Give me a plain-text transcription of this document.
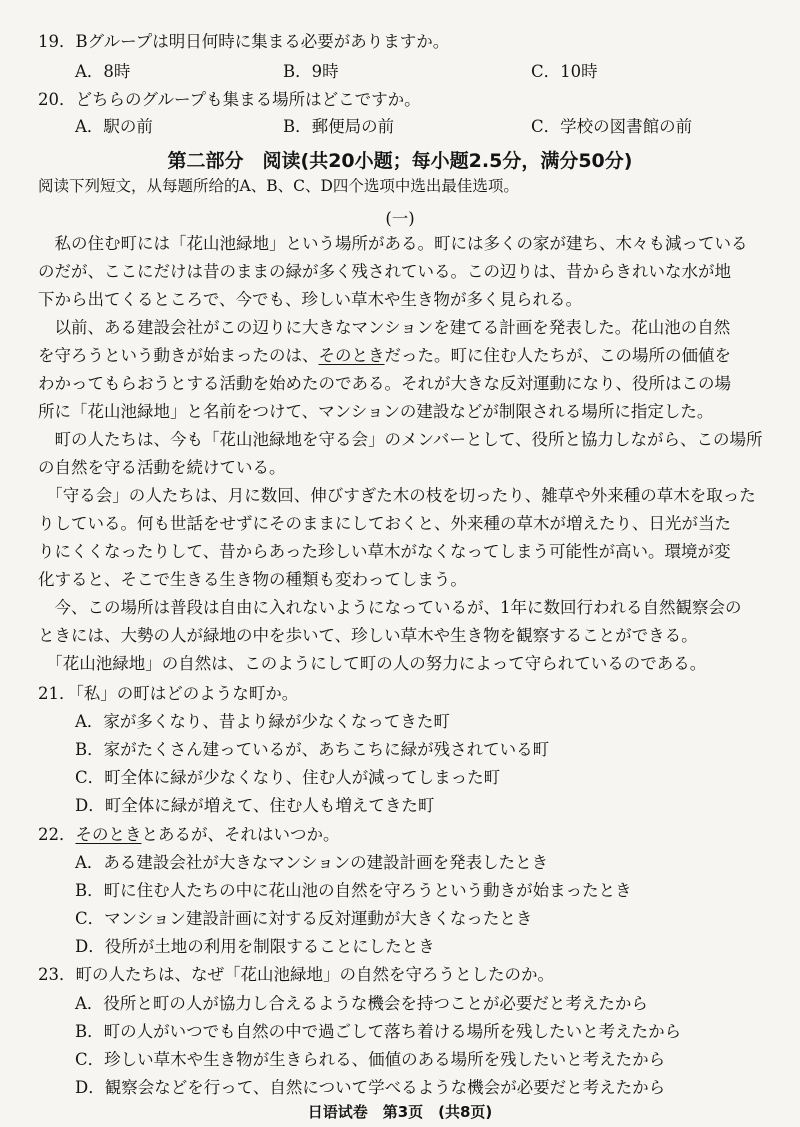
19．Bグループは明日何時に集まる必要がありますか。
A．8時	B．9時	C．10時
20．どちらのグループも集まる場所はどこですか。
A．駅の前	B．郵便局の前	C．学校の図書館の前
第二部分　阅读(共20小题；每小题2.5分，满分50分)
阅读下列短文，从每题所给的A、B、C、D四个选项中选出最佳选项。
(一)
　私の住む町には「花山池緑地」という場所がある。町には多くの家が建ち、木々も減っている
のだが、ここにだけは昔のままの緑が多く残されている。この辺りは、昔からきれいな水が地
下から出てくるところで、今でも、珍しい草木や生き物が多く見られる。
　以前、ある建設会社がこの辺りに大きなマンションを建てる計画を発表した。花山池の自然
を守ろうという動きが始まったのは、そのときだった。町に住む人たちが、この場所の価値を
わかってもらおうとする活動を始めたのである。それが大きな反対運動になり、役所はこの場
所に「花山池緑地」と名前をつけて、マンションの建設などが制限される場所に指定した。
　町の人たちは、今も「花山池緑地を守る会」のメンバーとして、役所と協力しながら、この場所
の自然を守る活動を続けている。
　「守る会」の人たちは、月に数回、伸びすぎた木の枝を切ったり、雑草や外来種の草木を取った
りしている。何も世話をせずにそのままにしておくと、外来種の草木が増えたり、日光が当た
りにくくなったりして、昔からあった珍しい草木がなくなってしまう可能性が高い。環境が変
化すると、そこで生きる生き物の種類も変わってしまう。
　今、この場所は普段は自由に入れないようになっているが、1年に数回行われる自然観察会の
ときには、大勢の人が緑地の中を歩いて、珍しい草木や生き物を観察することができる。
　「花山池緑地」の自然は、このようにして町の人の努力によって守られているのである。
21．「私」の町はどのような町か。
A．家が多くなり、昔より緑が少なくなってきた町
B．家がたくさん建っているが、あちこちに緑が残されている町
C．町全体に緑が少なくなり、住む人が減ってしまった町
D．町全体に緑が増えて、住む人も増えてきた町
22．そのときとあるが、それはいつか。
A．ある建設会社が大きなマンションの建設計画を発表したとき
B．町に住む人たちの中に花山池の自然を守ろうという動きが始まったとき
C．マンション建設計画に対する反対運動が大きくなったとき
D．役所が土地の利用を制限することにしたとき
23．町の人たちは、なぜ「花山池緑地」の自然を守ろうとしたのか。
A．役所と町の人が協力し合えるような機会を持つことが必要だと考えたから
B．町の人がいつでも自然の中で過ごして落ち着ける場所を残したいと考えたから
C．珍しい草木や生き物が生きられる、価値のある場所を残したいと考えたから
D．観察会などを行って、自然について学べるような機会が必要だと考えたから
日语试卷　第3页　(共8页)
